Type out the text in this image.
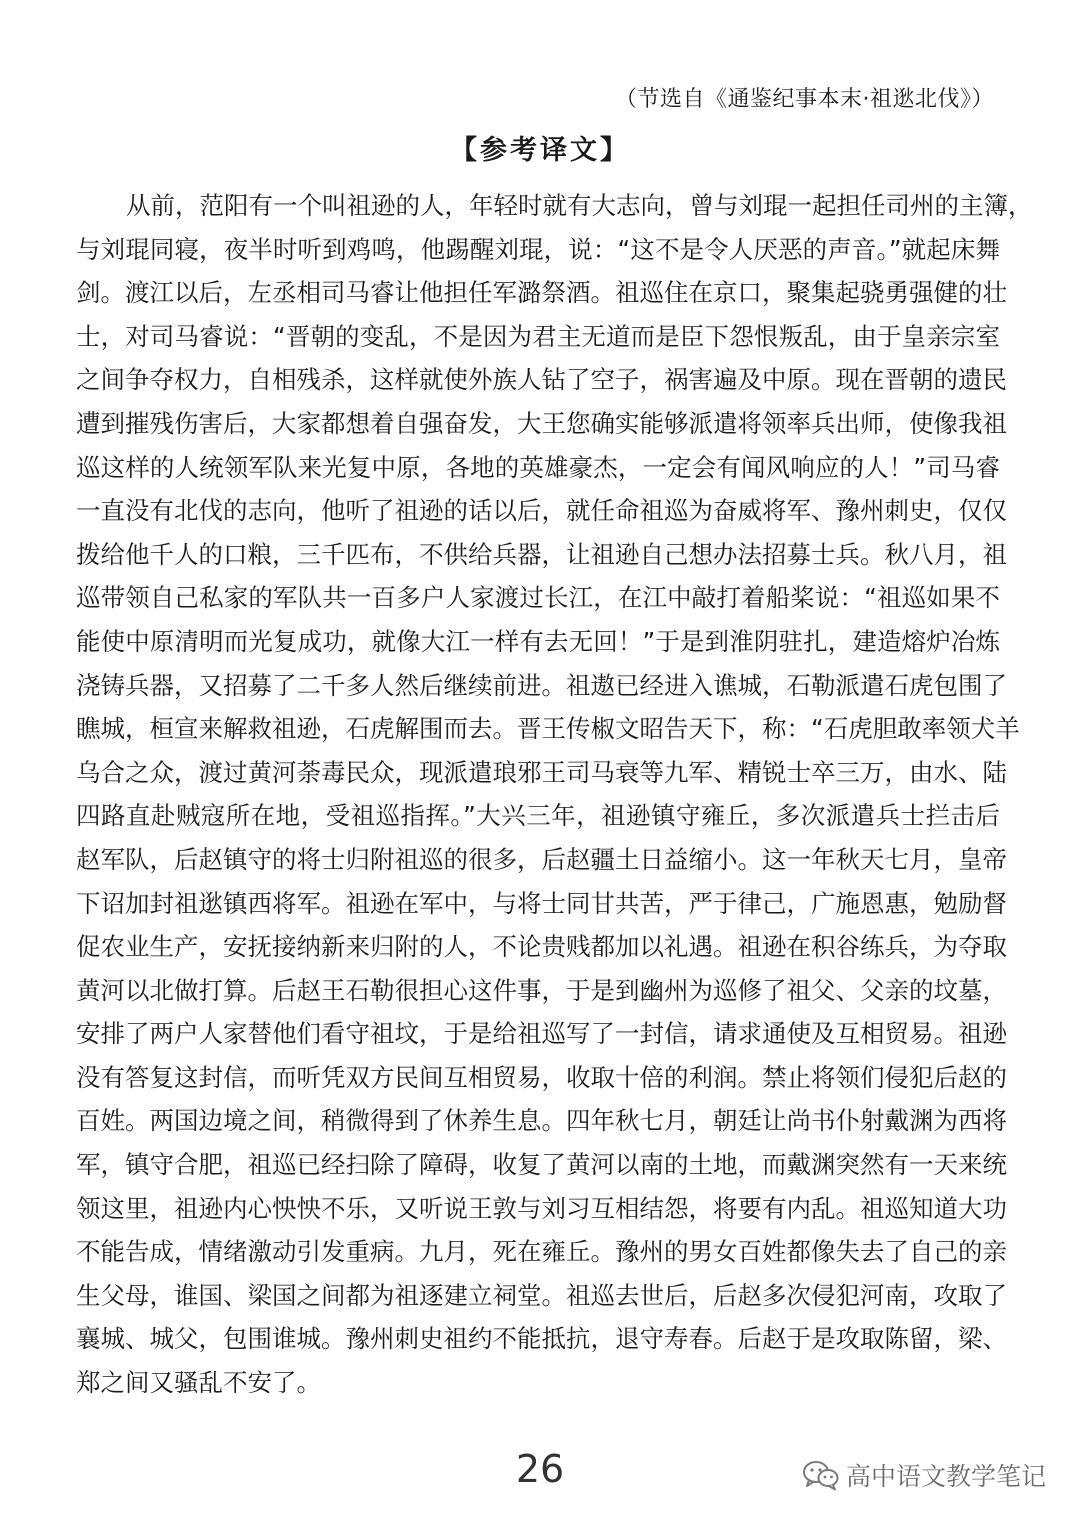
（节选自《通鉴纪事本末·祖逖北伐》）
【参考译文】
从前，范阳有一个叫祖逊的人，年轻时就有大志向，曾与刘琨一起担任司州的主簿，
与刘琨同寝，夜半时听到鸡鸣，他踢醒刘琨，说：“这不是令人厌恶的声音。”就起床舞
剑。渡江以后，左丞相司马睿让他担任军潞祭酒。祖巡住在京口，聚集起骁勇强健的壮
士，对司马睿说：“晋朝的变乱，不是因为君主无道而是臣下怨恨叛乱，由于皇亲宗室
之间争夺权力，自相残杀，这样就使外族人钻了空子，祸害遍及中原。现在晋朝的遗民
遭到摧残伤害后，大家都想着自强奋发，大王您确实能够派遣将领率兵出师，使像我祖
巡这样的人统领军队来光复中原，各地的英雄豪杰，一定会有闻风响应的人！”司马睿
一直没有北伐的志向，他听了祖逊的话以后，就任命祖巡为奋威将军、豫州刺史，仅仅
拨给他千人的口粮，三千匹布，不供给兵器，让祖逊自己想办法招募士兵。秋八月，祖
巡带领自己私家的军队共一百多户人家渡过长江，在江中敲打着船桨说：“祖巡如果不
能使中原清明而光复成功，就像大江一样有去无回！”于是到淮阴驻扎，建造熔炉冶炼
浇铸兵器，又招募了二千多人然后继续前进。祖遨已经进入谯城，石勒派遣石虎包围了
瞧城，桓宣来解救祖逊，石虎解围而去。晋王传椒文昭告天下，称：“石虎胆敢率领犬羊
乌合之众，渡过黄河荼毒民众，现派遣琅邪王司马衰等九军、精锐士卒三万，由水、陆
四路直赴贼寇所在地，受祖巡指挥。”大兴三年，祖逊镇守雍丘，多次派遣兵士拦击后
赵军队，后赵镇守的将士归附祖巡的很多，后赵疆土日益缩小。这一年秋天七月，皇帝
下诏加封祖逖镇西将军。祖逊在军中，与将士同甘共苦，严于律己，广施恩惠，勉励督
促农业生产，安抚接纳新来归附的人，不论贵贱都加以礼遇。祖逊在积谷练兵，为夺取
黄河以北做打算。后赵王石勒很担心这件事，于是到幽州为巡修了祖父、父亲的坟墓，
安排了两户人家替他们看守祖坟，于是给祖巡写了一封信，请求通使及互相贸易。祖逊
没有答复这封信，而听凭双方民间互相贸易，收取十倍的利润。禁止将领们侵犯后赵的
百姓。两国边境之间，稍微得到了休养生息。四年秋七月，朝廷让尚书仆射戴渊为西将
军，镇守合肥，祖巡已经扫除了障碍，收复了黄河以南的土地，而戴渊突然有一天来统
领这里，祖逊内心怏怏不乐，又听说王敦与刘习互相结怨，将要有内乱。祖巡知道大功
不能告成，情绪激动引发重病。九月，死在雍丘。豫州的男女百姓都像失去了自己的亲
生父母，谁国、梁国之间都为祖逐建立祠堂。祖巡去世后，后赵多次侵犯河南，攻取了
襄城、城父，包围谁城。豫州刺史祖约不能抵抗，退守寿春。后赵于是攻取陈留，梁、
郑之间又骚乱不安了。
26	高中语文教学笔记
